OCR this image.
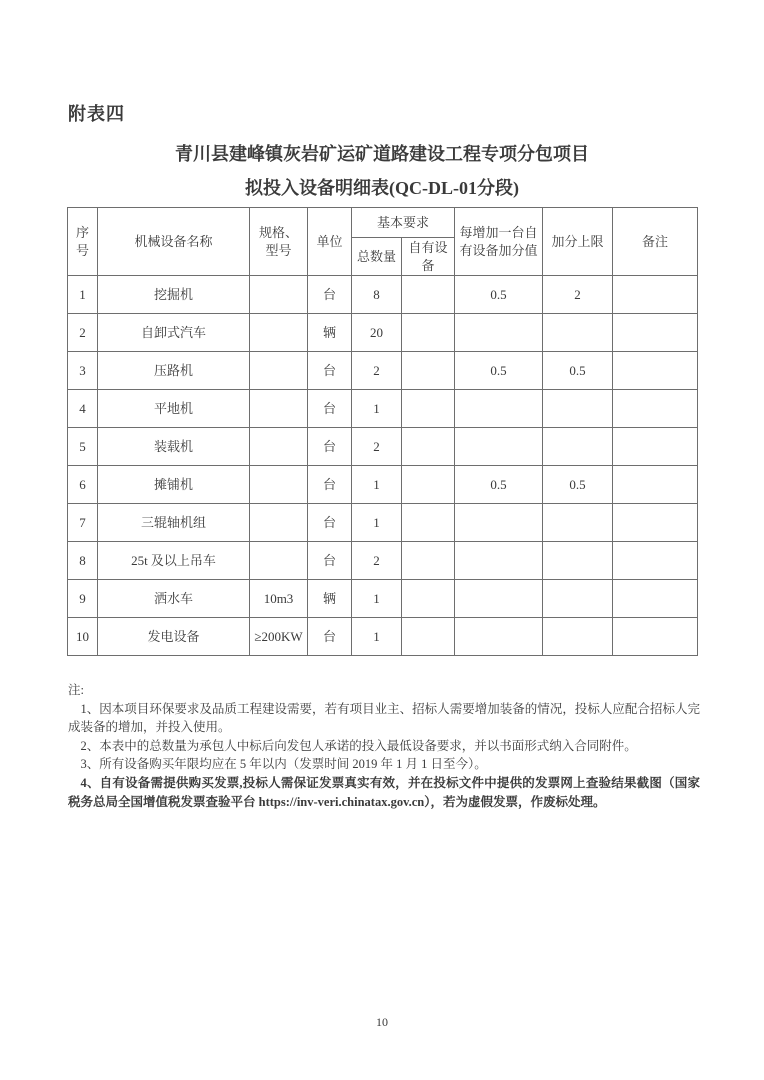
附表四
青川县建峰镇灰岩矿运矿道路建设工程专项分包项目
拟投入设备明细表(QC-DL-01分段)
序号	机械设备名称	规格、型号	单位	基本要求		每增加一台自有设备加分值	加分上限	备注
				总数量	自有设备			
1	挖掘机		台	8		0.5	2	
2	自卸式汽车		辆	20				
3	压路机		台	2		0.5	0.5	
4	平地机		台	1				
5	装载机		台	2				
6	摊铺机		台	1		0.5	0.5	
7	三辊轴机组		台	1				
8	25t 及以上吊车		台	2				
9	洒水车	10m3	辆	1				
10	发电设备	≥200KW	台	1				

注:

1、因本项目环保要求及品质工程建设需要，若有项目业主、招标人需要增加装备的情况，投标人应配合招标人完成装备的增加，并投入使用。

2、本表中的总数量为承包人中标后向发包人承诺的投入最低设备要求，并以书面形式纳入合同附件。

3、所有设备购买年限均应在 5 年以内（发票时间 2019 年 1 月 1 日至今）。

4、自有设备需提供购买发票,投标人需保证发票真实有效，并在投标文件中提供的发票网上查验结果截图（国家税务总局全国增值税发票查验平台 https://inv-veri.chinatax.gov.cn），若为虚假发票，作废标处理。

10
